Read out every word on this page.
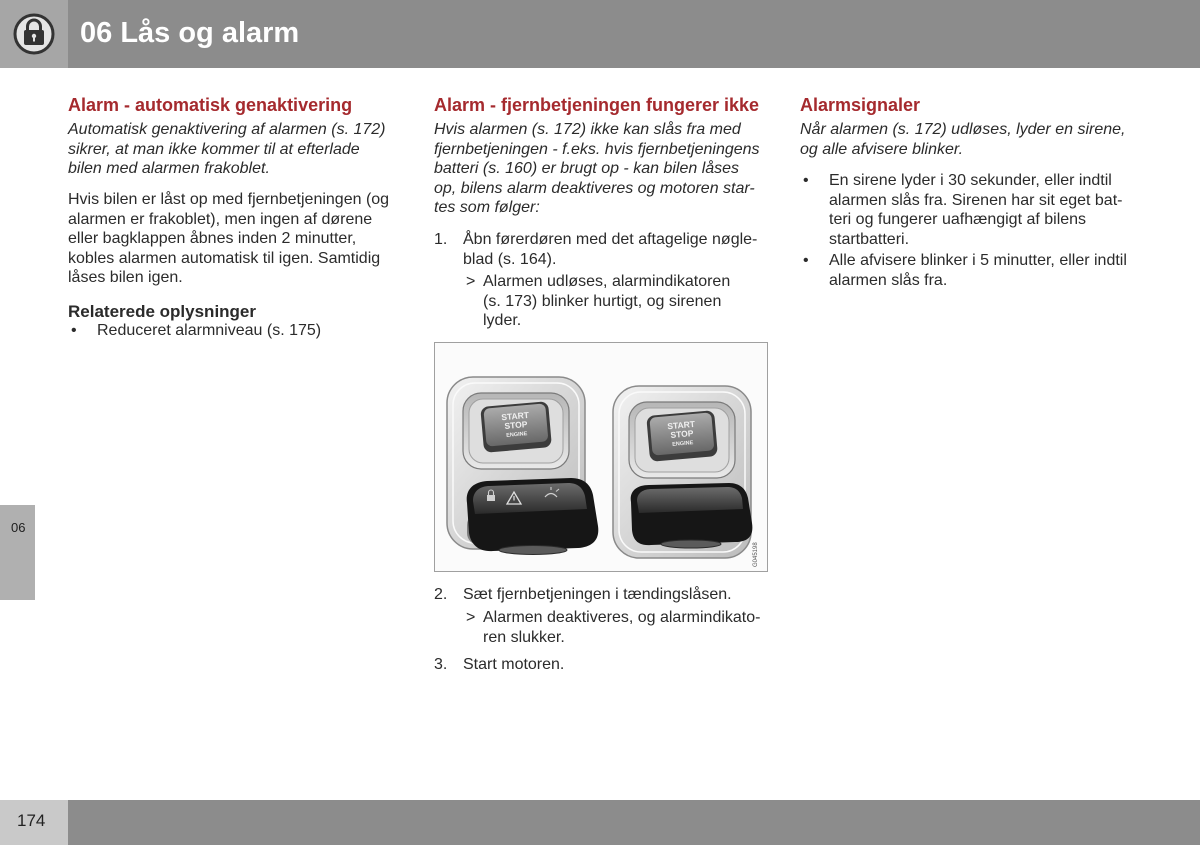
06 Lås og alarm
06
Alarm - automatisk genaktivering
Automatisk genaktivering af alarmen (s. 172)
sikrer, at man ikke kommer til at efterlade
bilen med alarmen frakoblet.
Hvis bilen er låst op med fjernbetjeningen (og
alarmen er frakoblet), men ingen af dørene
eller bagklappen åbnes inden 2 minutter,
kobles alarmen automatisk til igen. Samtidig
låses bilen igen.
Relaterede oplysninger
• Reduceret alarmniveau (s. 175)
Alarm - fjernbetjeningen fungerer ikke
Hvis alarmen (s. 172) ikke kan slås fra med
fjernbetjeningen - f.eks. hvis fjernbetjeningens
batteri (s. 160) er brugt op - kan bilen låses
op, bilens alarm deaktiveres og motoren star-
tes som følger:
1. Åbn førerdøren med det aftagelige nøgle-
blad (s. 164).
> Alarmen udløses, alarmindikatoren
(s. 173) blinker hurtigt, og sirenen
lyder.
START
STOP
ENGINE
START
STOP
ENGINE
G045198
2. Sæt fjernbetjeningen i tændingslåsen.
> Alarmen deaktiveres, og alarmindikato-
ren slukker.
3. Start motoren.
Alarmsignaler
Når alarmen (s. 172) udløses, lyder en sirene,
og alle afvisere blinker.
• En sirene lyder i 30 sekunder, eller indtil
alarmen slås fra. Sirenen har sit eget bat-
teri og fungerer uafhængigt af bilens
startbatteri.
• Alle afvisere blinker i 5 minutter, eller indtil
alarmen slås fra.
174
